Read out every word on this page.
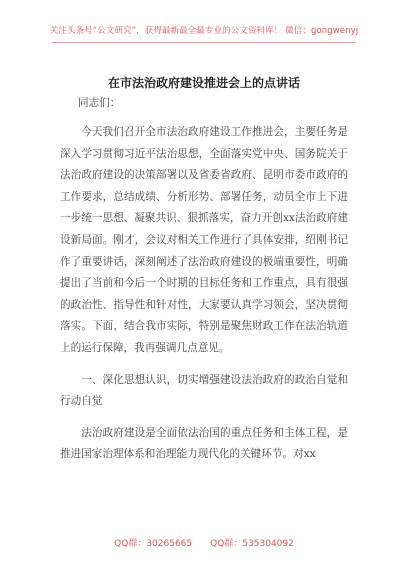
关注头条号“公文研究”，获得最新最全最专业的公文资料库！ 微信：gongwenyj
在市法治政府建设推进会上的点讲话
同志们：

今天我们召开全市法治政府建设工作推进会，主要任务是深入学习贯彻习近平法治思想，全面落实党中央、国务院关于法治政府建设的决策部署以及省委省政府、昆明市委市政府的工作要求，总结成绩、分析形势、部署任务，动员全市上下进一步统一思想、凝聚共识、狠抓落实，奋力开创xx法治政府建设新局面。刚才，会议对相关工作进行了具体安排，绍刚书记作了重要讲话，深刻阐述了法治政府建设的极端重要性，明确提出了当前和今后一个时期的目标任务和工作重点，具有很强的政治性、指导性和针对性，大家要认真学习领会，坚决贯彻落实。下面，结合我市实际，特别是聚焦财政工作在法治轨道上的运行保障，我再强调几点意见。

一、深化思想认识，切实增强建设法治政府的政治自觉和行动自觉

法治政府建设是全面依法治国的重点任务和主体工程，是推进国家治理体系和治理能力现代化的关键环节。对xx

QQ群：30265665　　QQ群：535304092
